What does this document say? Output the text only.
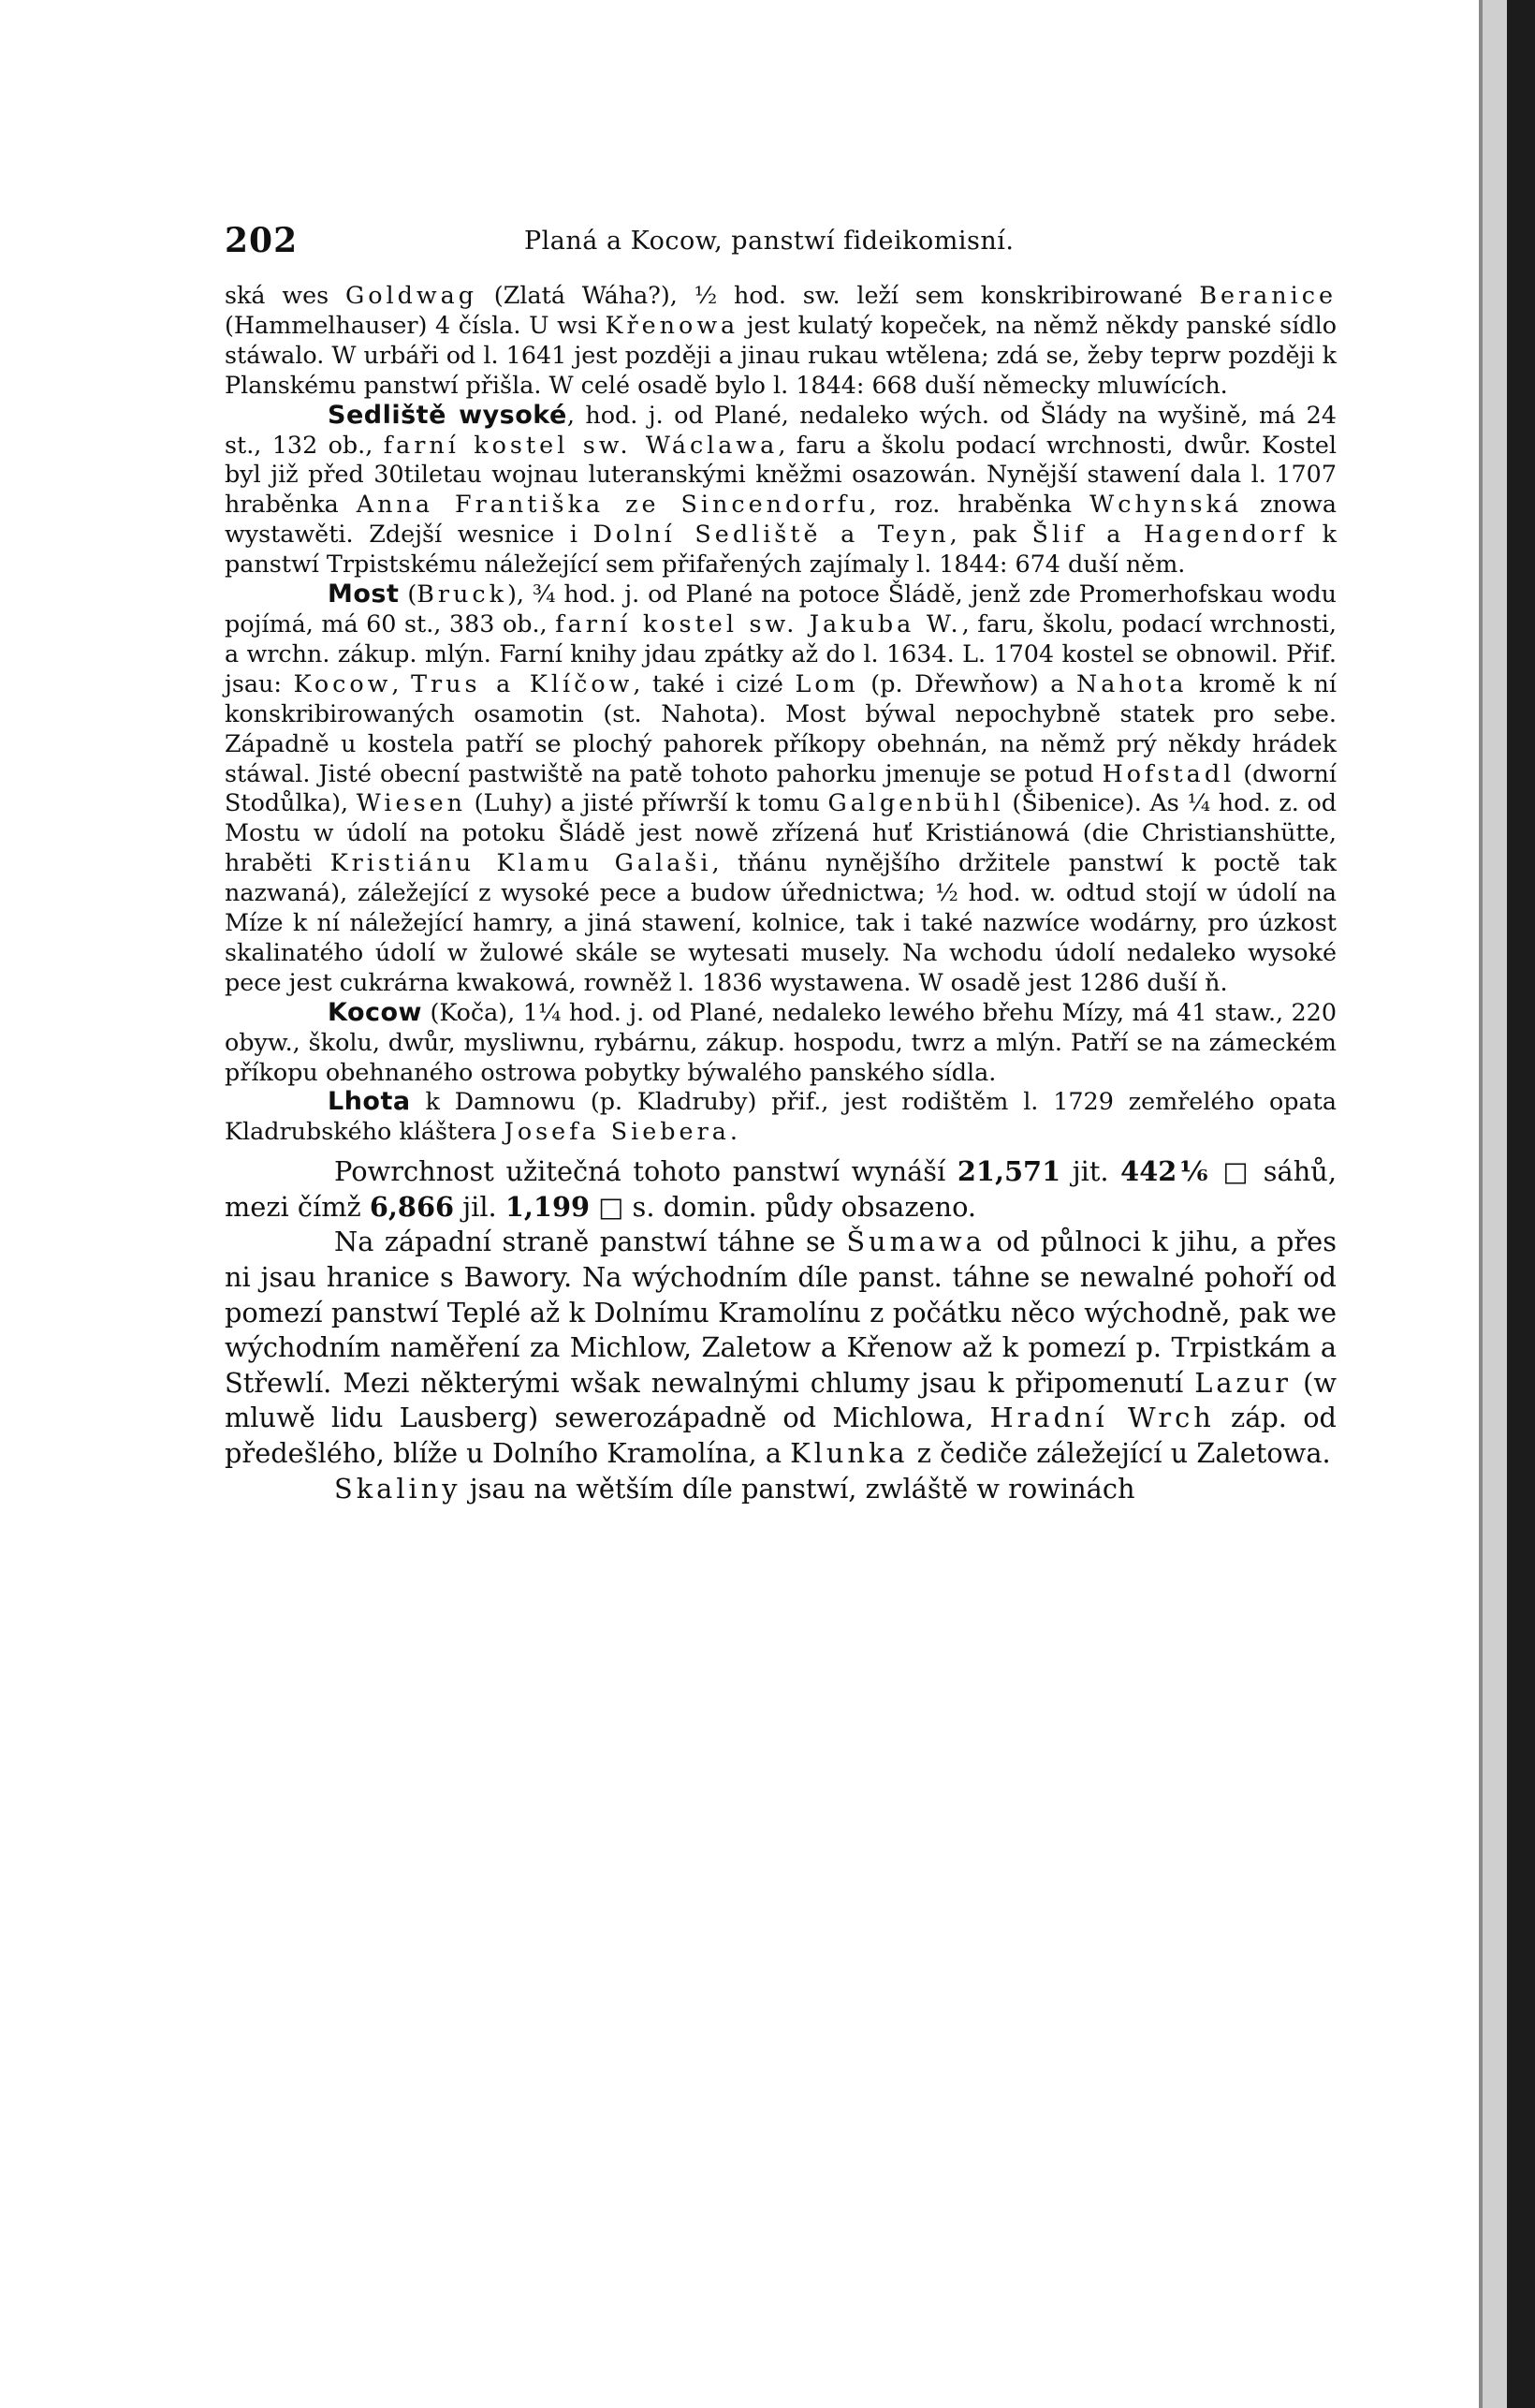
202	Planá a Kocow, panstwí fideikomisní.

ská wes Goldwag (Zlatá Wáha?), ½ hod. sw. leží sem konskribirowané Beranice (Hammelhauser) 4 čísla. U wsi Křenowa jest kulatý kopeček, na němž někdy panské sídlo stáwalo. W urbáři od l. 1641 jest později a jinau rukau wtělena; zdá se, žeby teprw později k Planskému panstwí přišla. W celé osadě bylo l. 1844: 668 duší německy mluwících.

Sedliště wysoké, hod. j. od Plané, nedaleko wých. od Šlády na wyšině, má 24 st., 132 ob., farní kostel sw. Wáclawa, faru a školu podací wrchnosti, dwůr. Kostel byl již před 30tiletau wojnau luteranskými kněžmi osazowán. Nynější stawení dala l. 1707 hraběnka Anna Františka ze Sincendorfu, roz. hraběnka Wchynská znowa wystawěti. Zdejší wesnice i Dolní Sedliště a Teyn, pak Šlif a Hagendorf k panstwí Trpistskému náležející sem přifařených zajímaly l. 1844: 674 duší něm.

Most (Bruck), ¾ hod. j. od Plané na potoce Šládě, jenž zde Promerhofskau wodu pojímá, má 60 st., 383 ob., farní kostel sw. Jakuba W., faru, školu, podací wrchnosti, a wrchn. zákup. mlýn. Farní knihy jdau zpátky až do l. 1634. L. 1704 kostel se obnowil. Přif. jsau: Kocow, Trus a Klíčow, také i cizé Lom (p. Dřewňow) a Nahota kromě k ní konskribirowaných osamotin (st. Nahota). Most býwal nepochybně statek pro sebe. Západně u kostela patří se plochý pahorek příkopy obehnán, na němž prý někdy hrádek stáwal. Jisté obecní pastwiště na patě tohoto pahorku jmenuje se potud Hofstadl (dworní Stodůlka), Wiesen (Luhy) a jisté příwrší k tomu Galgenbühl (Šibenice). As ¼ hod. z. od Mostu w údolí na potoku Šládě jest nowě zřízená huť Kristiánowá (die Christianshütte, hraběti Kristiánu Klamu Galaši, tňánu nynějšího držitele panstwí k poctě tak nazwaná), záležející z wysoké pece a budow úřednictwa; ½ hod. w. odtud stojí w údolí na Míze k ní náležející hamry, a jiná stawení, kolnice, tak i také nazwíce wodárny, pro úzkost skalinatého údolí w žulowé skále se wytesati musely. Na wchodu údolí nedaleko wysoké pece jest cukrárna kwakowá, rowněž l. 1836 wystawena. W osadě jest 1286 duší ň.

Kocow (Koča), 1¼ hod. j. od Plané, nedaleko lewého břehu Mízy, má 41 staw., 220 obyw., školu, dwůr, mysliwnu, rybárnu, zákup. hospodu, twrz a mlýn. Patří se na zámeckém příkopu obehnaného ostrowa pobytky býwalého panského sídla.

Lhota k Damnowu (p. Kladruby) přif., jest rodištěm l. 1729 zemřelého opata Kladrubského kláštera Josefa Siebera.

Powrchnost užitečná tohoto panstwí wynáší 21,571 jit. 442⅙ □ sáhů, mezi čímž 6,866 jil. 1,199 □ s. domin. půdy obsazeno.

Na západní straně panstwí táhne se Šumawa od půlnoci k jihu, a přes ni jsau hranice s Bawory. Na wýchodním díle panst. táhne se newalné pohoří od pomezí panstwí Teplé až k Dolnímu Kramolínu z počátku něco wýchodně, pak we wýchodním naměření za Michlow, Zaletow a Křenow až k pomezí p. Trpistkám a Střewlí. Mezi některými wšak newalnými chlumy jsau k připomenutí Lazur (w mluwě lidu Lausberg) sewerozápadně od Michlowa, Hradní Wrch záp. od předešlého, blíže u Dolního Kramolína, a Klunka z čediče záležející u Zaletowa.

Skaliny jsau na wětším díle panstwí, zwláště w rowinách
